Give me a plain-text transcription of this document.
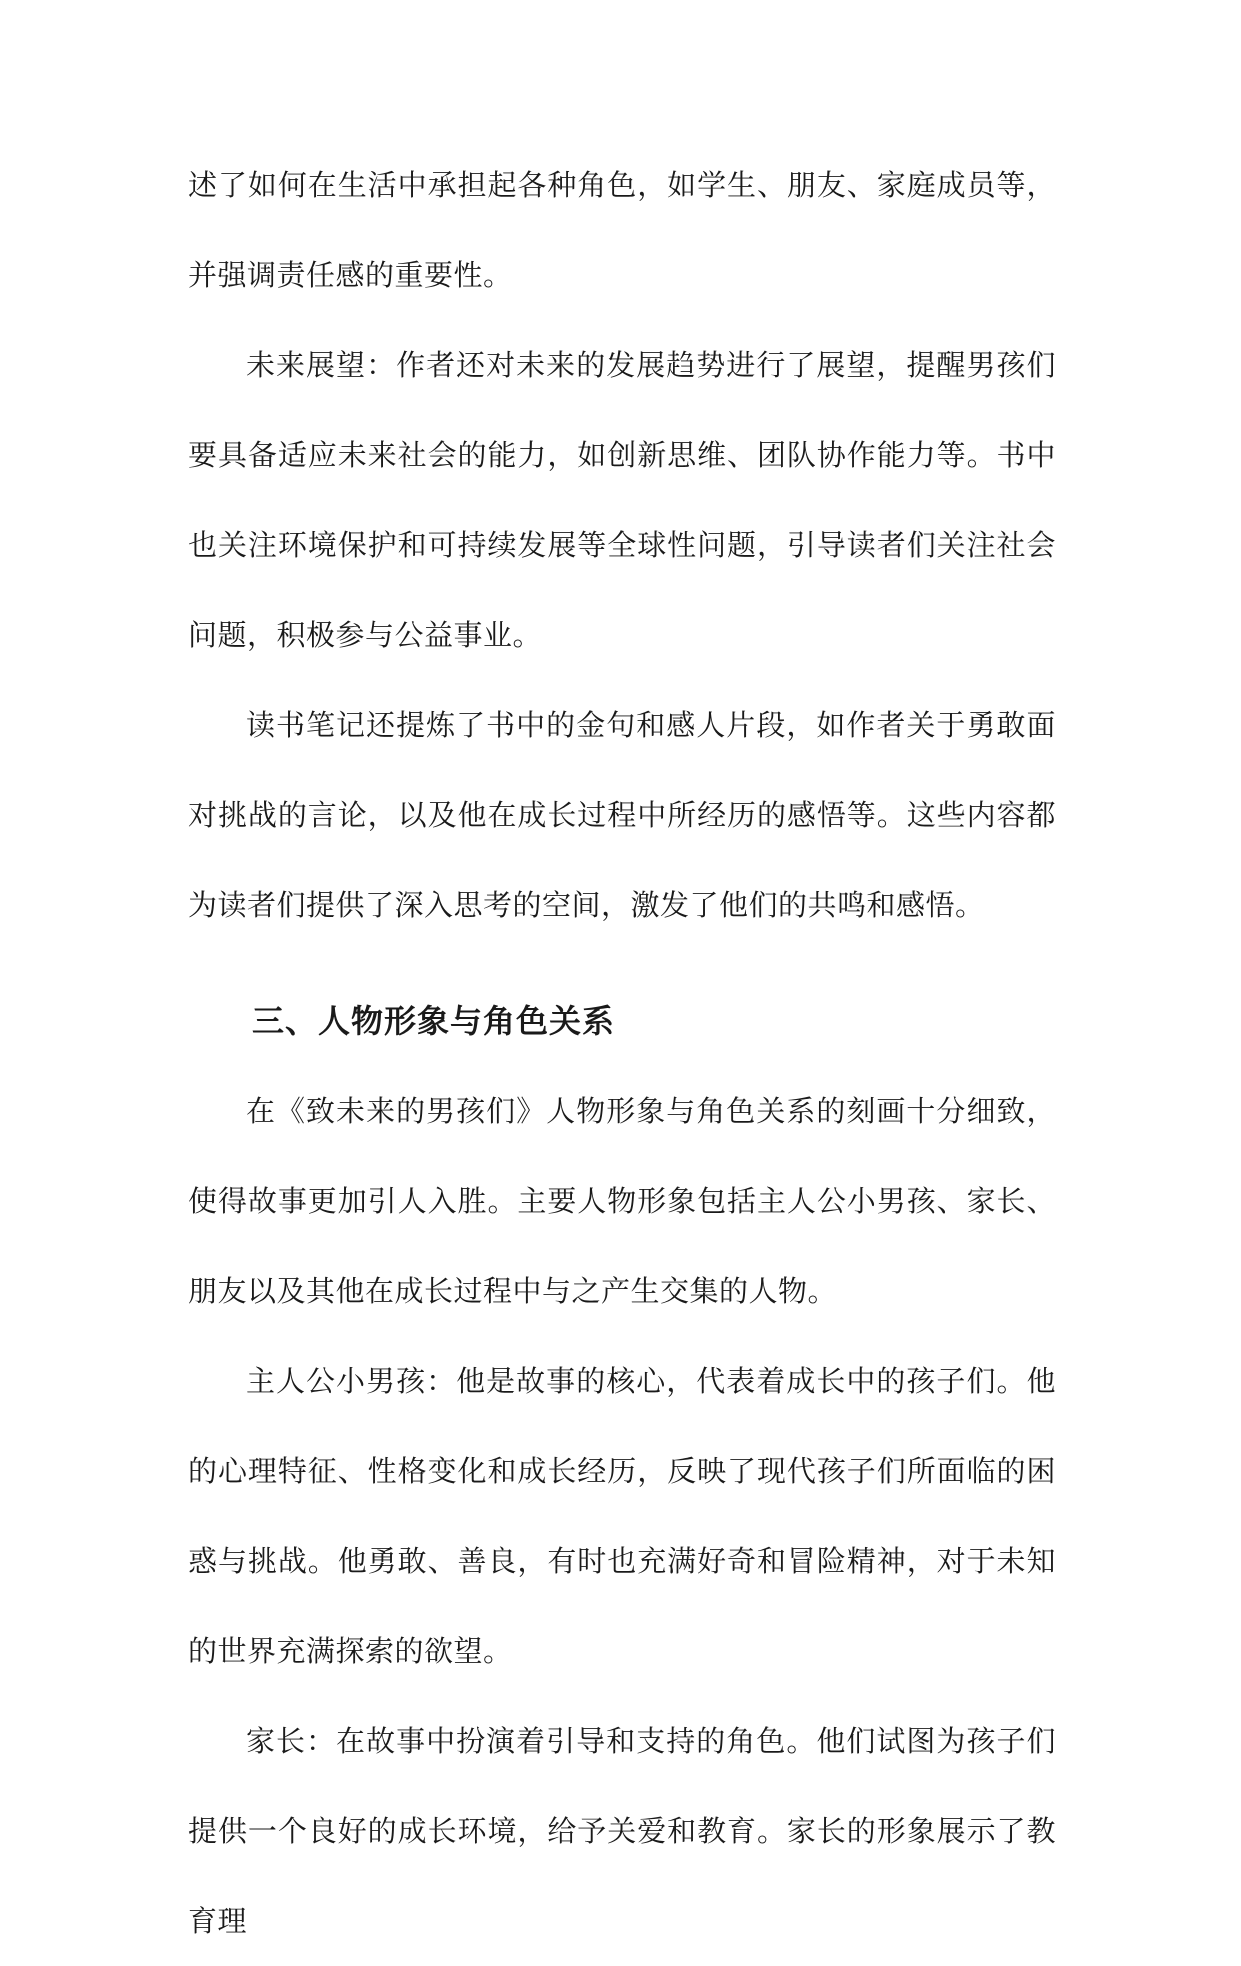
述了如何在生活中承担起各种角色，如学生、朋友、家庭成员等，并强调责任感的重要性。

未来展望：作者还对未来的发展趋势进行了展望，提醒男孩们要具备适应未来社会的能力，如创新思维、团队协作能力等。书中也关注环境保护和可持续发展等全球性问题，引导读者们关注社会问题，积极参与公益事业。

读书笔记还提炼了书中的金句和感人片段，如作者关于勇敢面对挑战的言论，以及他在成长过程中所经历的感悟等。这些内容都为读者们提供了深入思考的空间，激发了他们的共鸣和感悟。

三、人物形象与角色关系

在《致未来的男孩们》人物形象与角色关系的刻画十分细致，使得故事更加引人入胜。主要人物形象包括主人公小男孩、家长、朋友以及其他在成长过程中与之产生交集的人物。

主人公小男孩：他是故事的核心，代表着成长中的孩子们。他的心理特征、性格变化和成长经历，反映了现代孩子们所面临的困惑与挑战。他勇敢、善良，有时也充满好奇和冒险精神，对于未知的世界充满探索的欲望。

家长：在故事中扮演着引导和支持的角色。他们试图为孩子们提供一个良好的成长环境，给予关爱和教育。家长的形象展示了教育理
